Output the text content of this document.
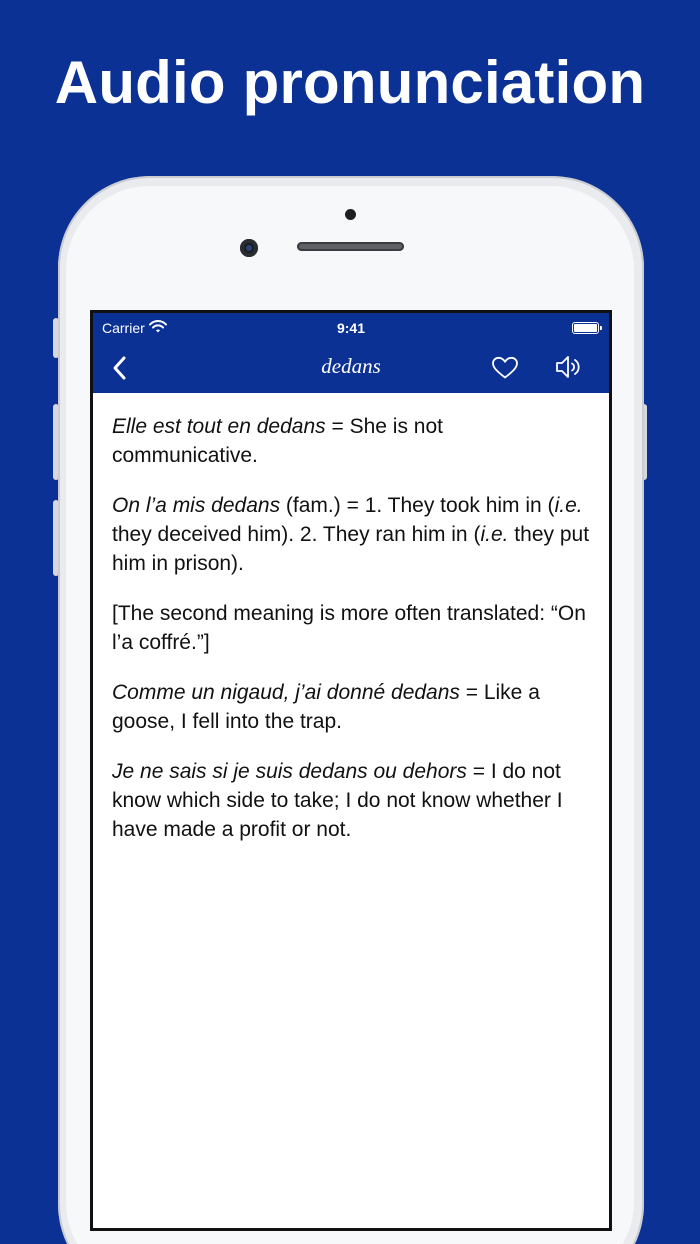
Audio pronunciation
Carrier	9:41
dedans

Elle est tout en dedans = She is not communicative.

On l’a mis dedans (fam.) = 1. They took him in (i.e. they deceived him). 2. They ran him in (i.e. they put him in prison).

[The second meaning is more often translated: “On l’a coffré.”]

Comme un nigaud, j’ai donné dedans = Like a goose, I fell into the trap.

Je ne sais si je suis dedans ou dehors = I do not know which side to take; I do not know whether I have made a profit or not.
